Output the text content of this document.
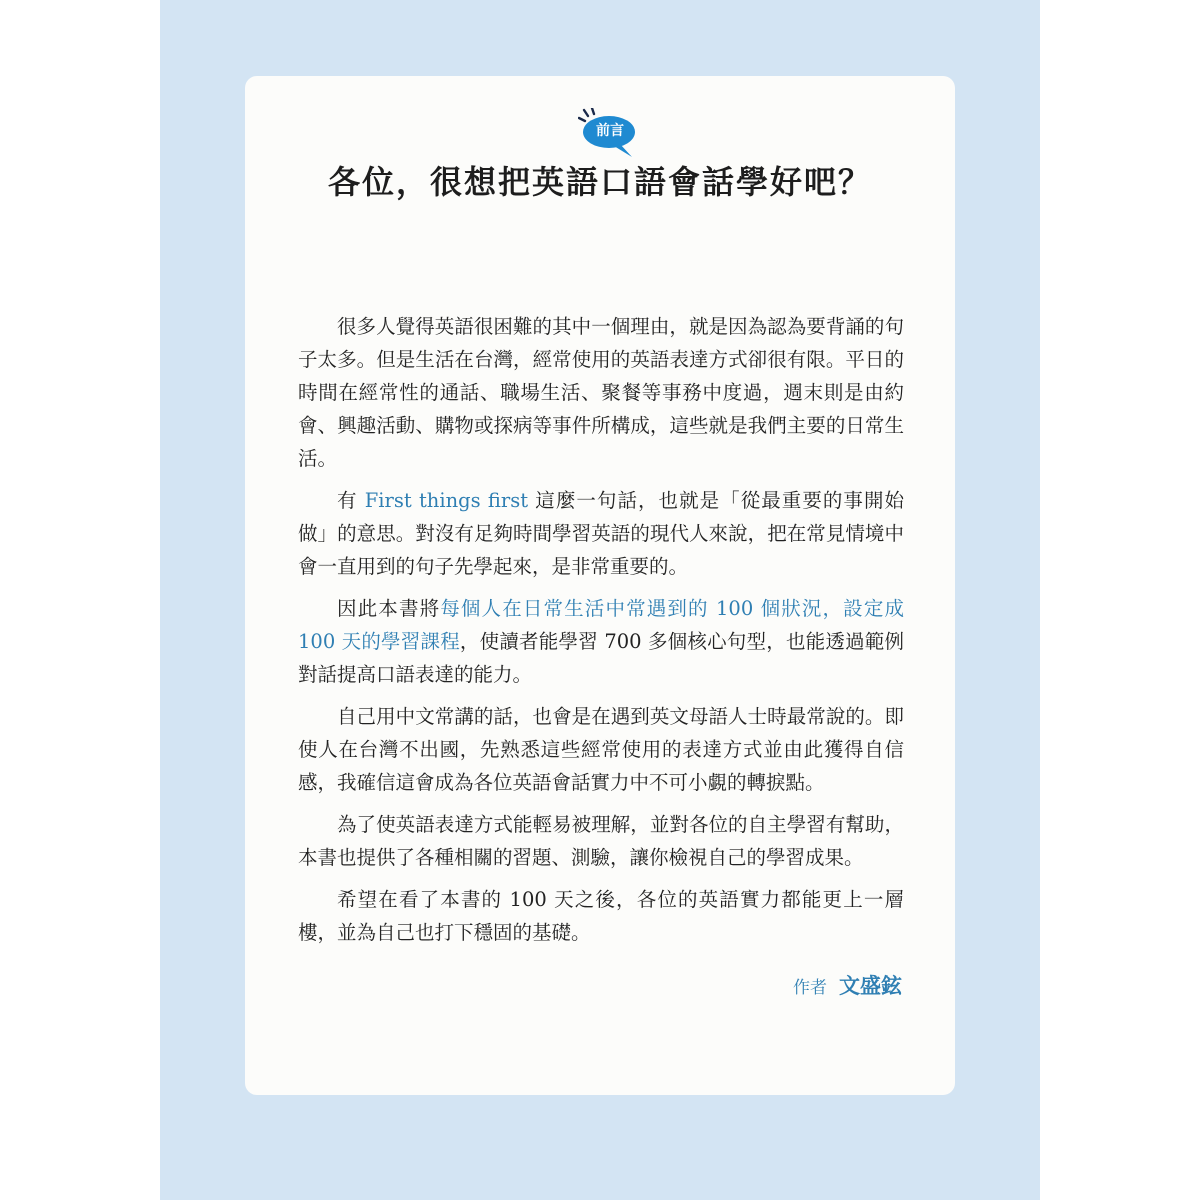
前言
各位，很想把英語口語會話學好吧？

很多人覺得英語很困難的其中一個理由，就是因為認為要背誦的句子太多。但是生活在台灣，經常使用的英語表達方式卻很有限。平日的時間在經常性的通話、職場生活、聚餐等事務中度過，週末則是由約會、興趣活動、購物或探病等事件所構成，這些就是我們主要的日常生活。

有 First things first 這麼一句話，也就是「從最重要的事開始做」的意思。對沒有足夠時間學習英語的現代人來說，把在常見情境中會一直用到的句子先學起來，是非常重要的。

因此本書將每個人在日常生活中常遇到的 100 個狀況，設定成 100 天的學習課程，使讀者能學習 700 多個核心句型，也能透過範例對話提高口語表達的能力。

自己用中文常講的話，也會是在遇到英文母語人士時最常說的。即使人在台灣不出國，先熟悉這些經常使用的表達方式並由此獲得自信感，我確信這會成為各位英語會話實力中不可小覷的轉捩點。

為了使英語表達方式能輕易被理解，並對各位的自主學習有幫助，本書也提供了各種相關的習題、測驗，讓你檢視自己的學習成果。

希望在看了本書的 100 天之後，各位的英語實力都能更上一層樓，並為自己也打下穩固的基礎。

作者 文盛鉉
